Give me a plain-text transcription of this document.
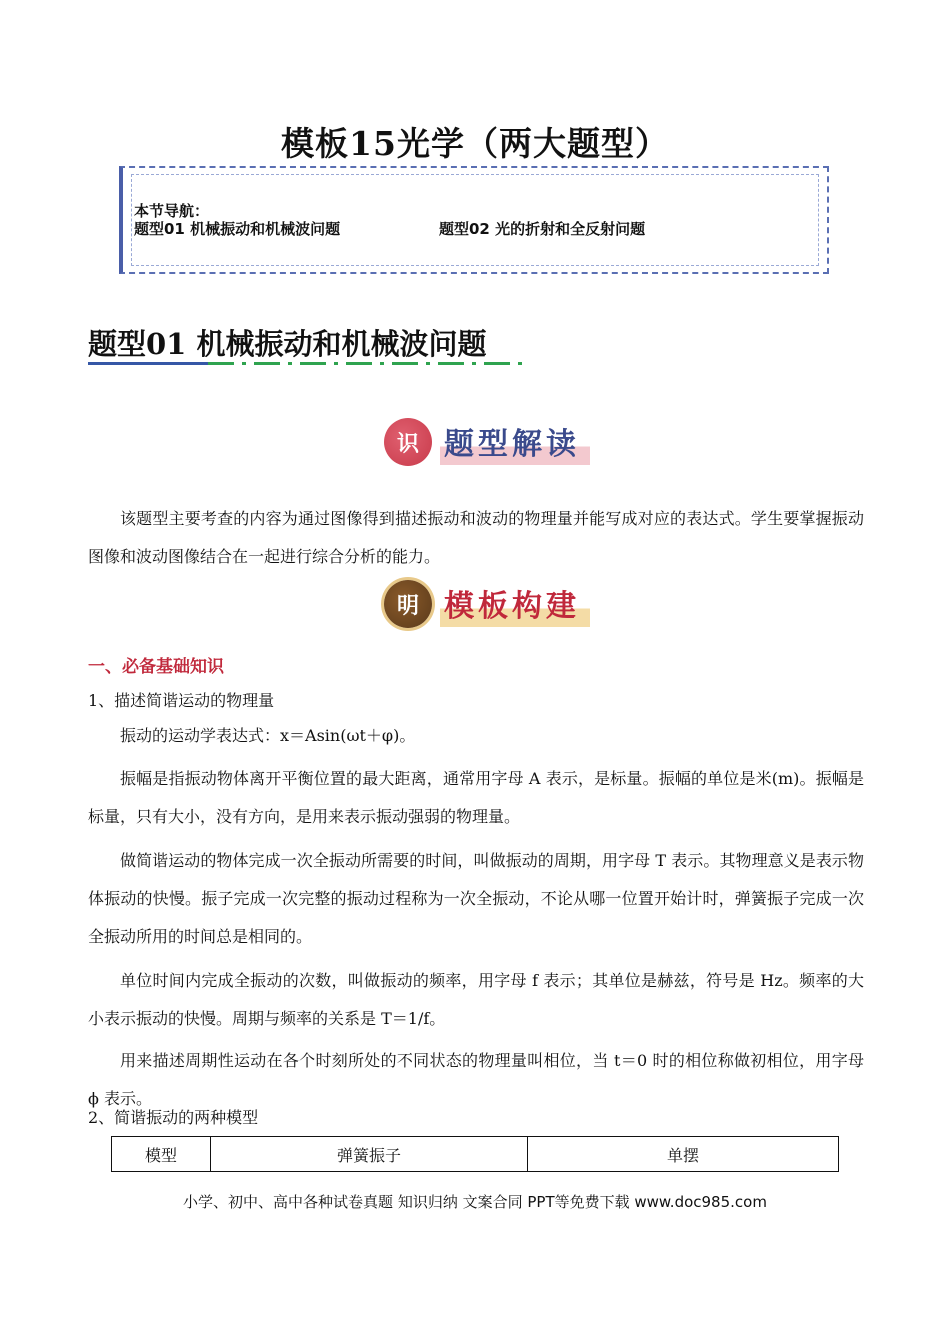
模板15光学（两大题型）
本节导航：
题型01 机械振动和机械波问题	题型02 光的折射和全反射问题
题型01 机械振动和机械波问题
识 题型解读
该题型主要考查的内容为通过图像得到描述振动和波动的物理量并能写成对应的表达式。学生要掌握振动图像和波动图像结合在一起进行综合分析的能力。
明 模板构建
一、必备基础知识
1、描述简谐运动的物理量
振动的运动学表达式：x＝Asin(ωt＋φ)。
振幅是指振动物体离开平衡位置的最大距离，通常用字母 A 表示，是标量。振幅的单位是米(m)。振幅是标量，只有大小，没有方向，是用来表示振动强弱的物理量。
做简谐运动的物体完成一次全振动所需要的时间，叫做振动的周期，用字母 T 表示。其物理意义是表示物体振动的快慢。振子完成一次完整的振动过程称为一次全振动，不论从哪一位置开始计时，弹簧振子完成一次全振动所用的时间总是相同的。
单位时间内完成全振动的次数，叫做振动的频率，用字母 f 表示；其单位是赫兹，符号是 Hz。频率的大小表示振动的快慢。周期与频率的关系是 T＝1/f。
用来描述周期性运动在各个时刻所处的不同状态的物理量叫相位，当 t＝0 时的相位称做初相位，用字母 ϕ 表示。
2、简谐振动的两种模型
模型	弹簧振子	单摆
小学、初中、高中各种试卷真题 知识归纳 文案合同 PPT等免费下载 www.doc985.com
